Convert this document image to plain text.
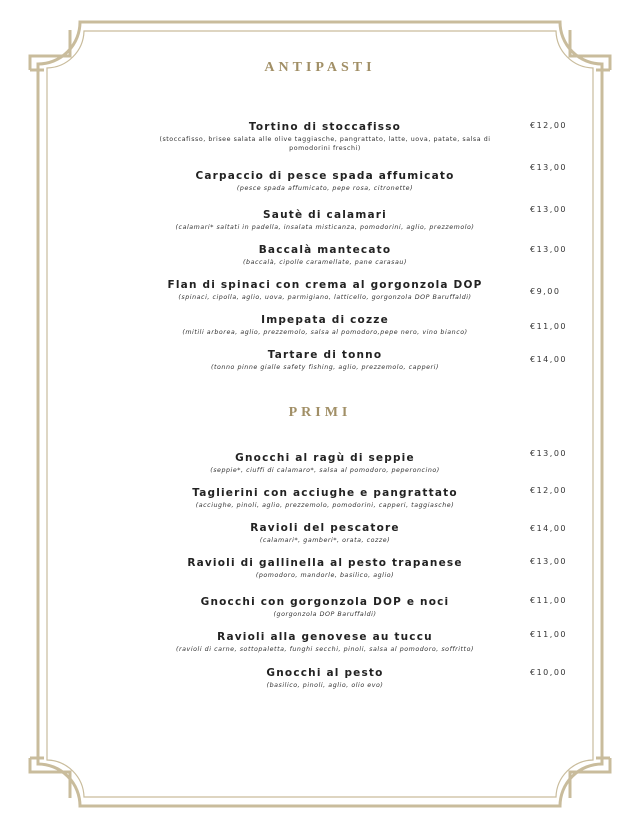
ANTIPASTI
Tortino di stoccafisso
(stoccafisso, brisee salata alle olive taggiasche, pangrattato, latte, uova, patate, salsa di pomodorini freschi)
€12,00
Carpaccio di pesce spada affumicato
(pesce spada affumicato, pepe rosa, citronette)
€13,00
Sautè di calamari
(calamari* saltati in padella, insalata misticanza, pomodorini, aglio, prezzemolo)
€13,00
Baccalà mantecato
(baccalà, cipolle caramellate, pane carasau)
€13,00
Flan di spinaci con crema al gorgonzola DOP
(spinaci, cipolla, aglio, uova, parmigiano, latticello, gorgonzola DOP Baruffaldi)
€9,00
Impepata di cozze
(mitili arborea, aglio, prezzemolo, salsa al pomodoro,pepe nero, vino bianco)
€11,00
Tartare di tonno
(tonno pinne gialle safety fishing, aglio, prezzemolo, capperi)
€14,00
PRIMI
Gnocchi al ragù di seppie
(seppie*, ciuffi di calamaro*, salsa al pomodoro, peperoncino)
€13,00
Taglierini con acciughe e pangrattato
(acciughe, pinoli, aglio, prezzemolo, pomodorini, capperi, taggiasche)
€12,00
Ravioli del pescatore
(calamari*, gamberi*, orata, cozze)
€14,00
Ravioli di gallinella al pesto trapanese
(pomodoro, mandorle, basilico, aglio)
€13,00
Gnocchi con gorgonzola DOP e noci
(gorgonzola DOP Baruffaldi)
€11,00
Ravioli alla genovese au tuccu
(ravioli di carne, sottopaletta, funghi secchi, pinoli, salsa al pomodoro, soffritto)
€11,00
Gnocchi al pesto
(basilico, pinoli, aglio, olio evo)
€10,00
